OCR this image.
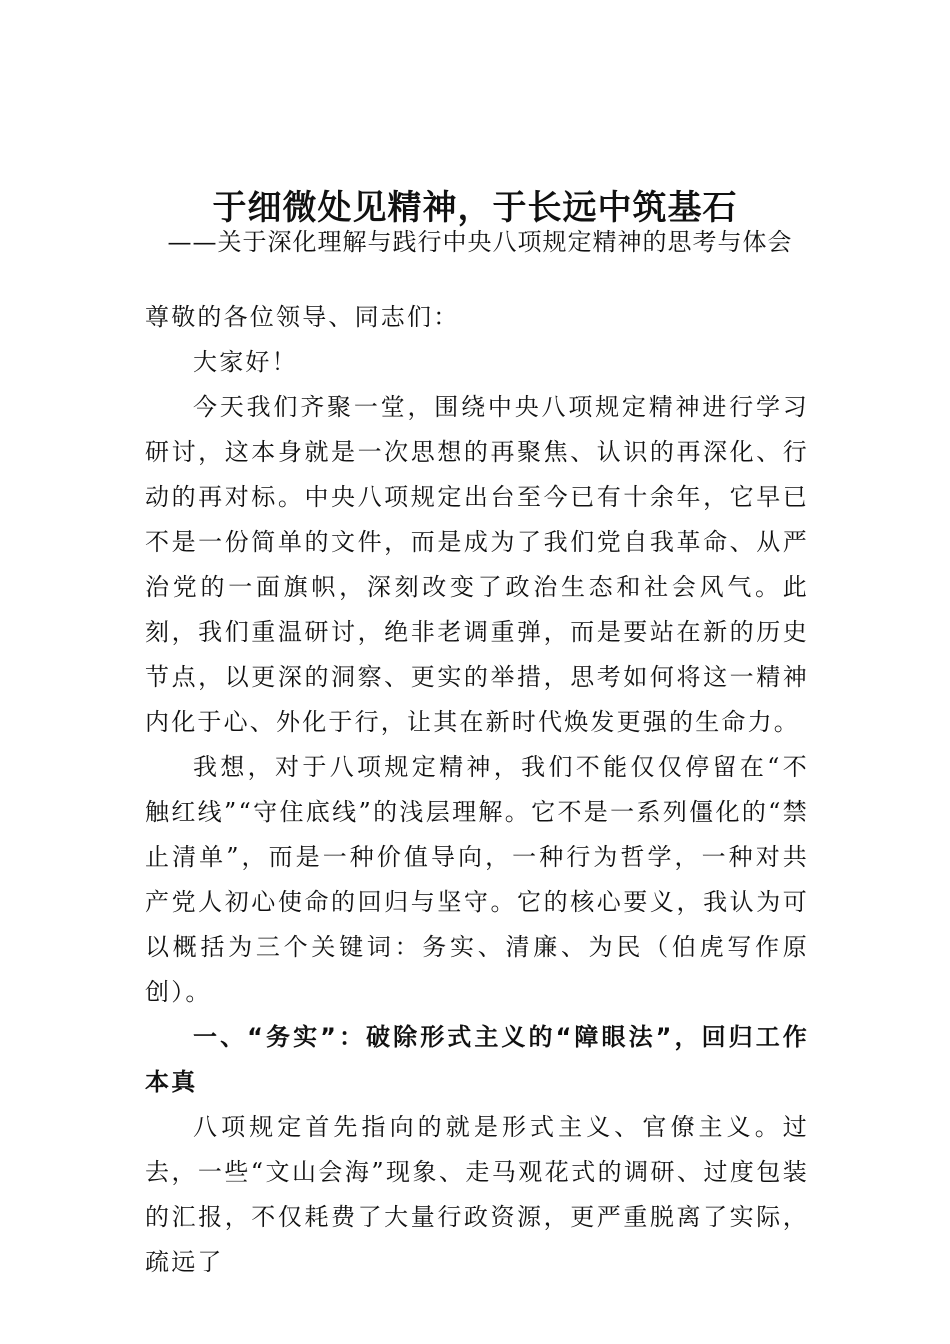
于细微处见精神，于长远中筑基石
——关于深化理解与践行中央八项规定精神的思考与体会

尊敬的各位领导、同志们：

大家好！

今天我们齐聚一堂，围绕中央八项规定精神进行学习研讨，这本身就是一次思想的再聚焦、认识的再深化、行动的再对标。中央八项规定出台至今已有十余年，它早已不是一份简单的文件，而是成为了我们党自我革命、从严治党的一面旗帜，深刻改变了政治生态和社会风气。此刻，我们重温研讨，绝非老调重弹，而是要站在新的历史节点，以更深的洞察、更实的举措，思考如何将这一精神内化于心、外化于行，让其在新时代焕发更强的生命力。

我想，对于八项规定精神，我们不能仅仅停留在“不触红线”“守住底线”的浅层理解。它不是一系列僵化的“禁止清单”，而是一种价值导向，一种行为哲学，一种对共产党人初心使命的回归与坚守。它的核心要义，我认为可以概括为三个关键词：务实、清廉、为民（伯虎写作原创）。

一、“务实”：破除形式主义的“障眼法”，回归工作本真

八项规定首先指向的就是形式主义、官僚主义。过去，一些“文山会海”现象、走马观花式的调研、过度包装的汇报，不仅耗费了大量行政资源，更严重脱离了实际，疏远了
